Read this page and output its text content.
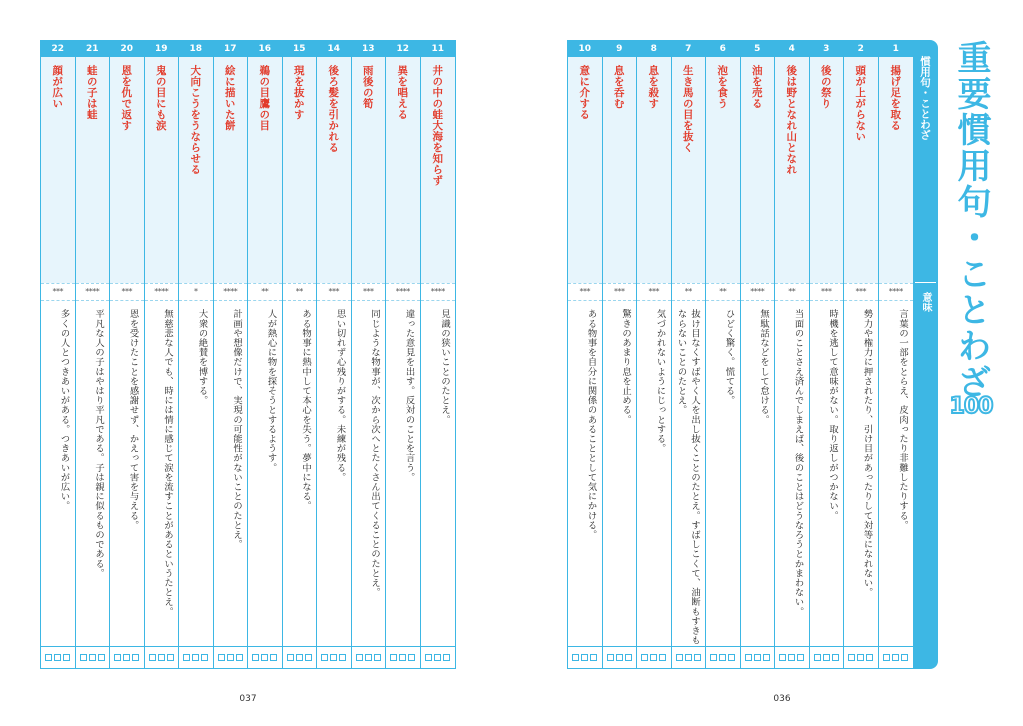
22
顔が広い
***
多くの人とつきあいがある。つきあいが広い。
21
蛙の子は蛙
****
平凡な人の子はやはり平凡である。子は親に似るものである。
20
恩を仇で返す
***
恩を受けたことを感謝せず、かえって害を与える。
19
鬼の目にも涙
****
無慈悲な人でも、時には情に感じて涙を流すことがあるというたとえ。
18
大向こうをうならせる
*
大衆の絶賛を博する。
17
絵に描いた餅
****
計画や想像だけで、実現の可能性がないことのたとえ。
16
鵜の目鷹の目
**
人が熱心に物を探そうとするようす。
15
現を抜かす
**
ある物事に熱中して本心を失う。夢中になる。
14
後ろ髪を引かれる
***
思い切れず心残りがする。未練が残る。
13
雨後の筍
***
同じような物事が、次から次へとたくさん出てくることのたとえ。
12
異を唱える
****
違った意見を出す。反対のことを言う。
11
井の中の蛙大海を知らず
****
見識の狭いことのたとえ。
037
10
意に介する
***
ある物事を自分に関係のあることとして気にかける。
9
息を呑む
***
驚きのあまり息を止める。
8
息を殺す
***
気づかれないようにじっとする。
7
生き馬の目を抜く
**
抜け目なくすばやく人を出し抜くことのたとえ。すばしこくて、油断もすきもならないことのたとえ。
6
泡を食う
**
ひどく驚く。慌てる。
5
油を売る
****
無駄話などをして怠ける。
4
後は野となれ山となれ
**
当面のことさえ済んでしまえば、後のことはどうなろうとかまわない。
3
後の祭り
***
時機を逃して意味がない。取り返しがつかない。
2
頭が上がらない
***
勢力や権力に押されたり、引け目があったりして対等になれない。
1
揚げ足を取る
****
言葉の一部をとらえ、皮肉ったり非難したりする。
慣用句・ことわざ
意味 重要慣用句・ことわざ
100
036
